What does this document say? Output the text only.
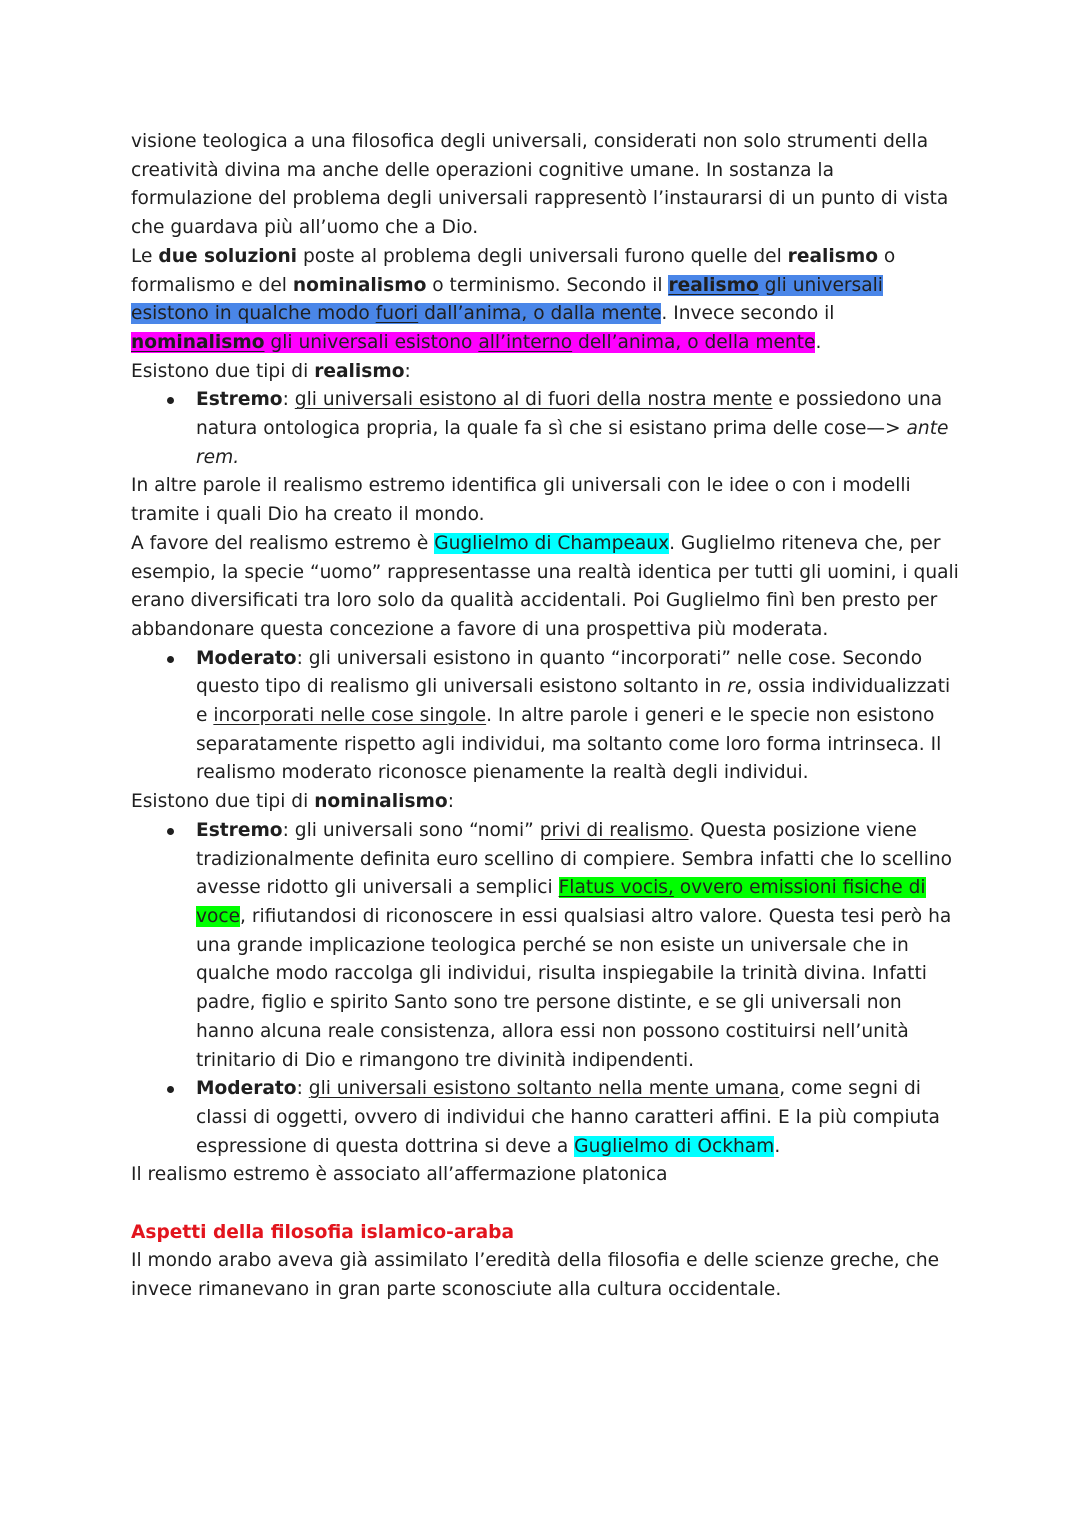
visione teologica a una filosofica degli universali, considerati non solo strumenti della creatività divina ma anche delle operazioni cognitive umane. In sostanza la formulazione del problema degli universali rappresentò l’instaurarsi di un punto di vista che guardava più all’uomo che a Dio.

Le due soluzioni poste al problema degli universali furono quelle del realismo o formalismo e del nominalismo o terminismo. Secondo il realismo gli universali esistono in qualche modo fuori dall’anima, o dalla mente. Invece secondo il nominalismo gli universali esistono all’interno dell’anima, o della mente.

Esistono due tipi di realismo:

Estremo: gli universali esistono al di fuori della nostra mente e possiedono una natura ontologica propria, la quale fa sì che si esistano prima delle cose—> ante rem.

In altre parole il realismo estremo identifica gli universali con le idee o con i modelli tramite i quali Dio ha creato il mondo.

A favore del realismo estremo è Guglielmo di Champeaux. Guglielmo riteneva che, per esempio, la specie “uomo” rappresentasse una realtà identica per tutti gli uomini, i quali erano diversificati tra loro solo da qualità accidentali. Poi Guglielmo finì ben presto per abbandonare questa concezione a favore di una prospettiva più moderata.

Moderato: gli universali esistono in quanto “incorporati” nelle cose. Secondo questo tipo di realismo gli universali esistono soltanto in re, ossia individualizzati e incorporati nelle cose singole. In altre parole i generi e le specie non esistono separatamente rispetto agli individui, ma soltanto come loro forma intrinseca. Il realismo moderato riconosce pienamente la realtà degli individui.

Esistono due tipi di nominalismo:

Estremo: gli universali sono “nomi” privi di realismo. Questa posizione viene tradizionalmente definita euro scellino di compiere. Sembra infatti che lo scellino avesse ridotto gli universali a semplici Flatus vocis, ovvero emissioni fisiche di voce, rifiutandosi di riconoscere in essi qualsiasi altro valore. Questa tesi però ha una grande implicazione teologica perché se non esiste un universale che in qualche modo raccolga gli individui, risulta inspiegabile la trinità divina. Infatti padre, figlio e spirito Santo sono tre persone distinte, e se gli universali non hanno alcuna reale consistenza, allora essi non possono costituirsi nell’unità trinitario di Dio e rimangono tre divinità indipendenti.
Moderato: gli universali esistono soltanto nella mente umana, come segni di classi di oggetti, ovvero di individui che hanno caratteri affini. E la più compiuta espressione di questa dottrina si deve a Guglielmo di Ockham.

Il realismo estremo è associato all’affermazione platonica

Aspetti della filosofia islamico-araba

Il mondo arabo aveva già assimilato l’eredità della filosofia e delle scienze greche, che invece rimanevano in gran parte sconosciute alla cultura occidentale.
